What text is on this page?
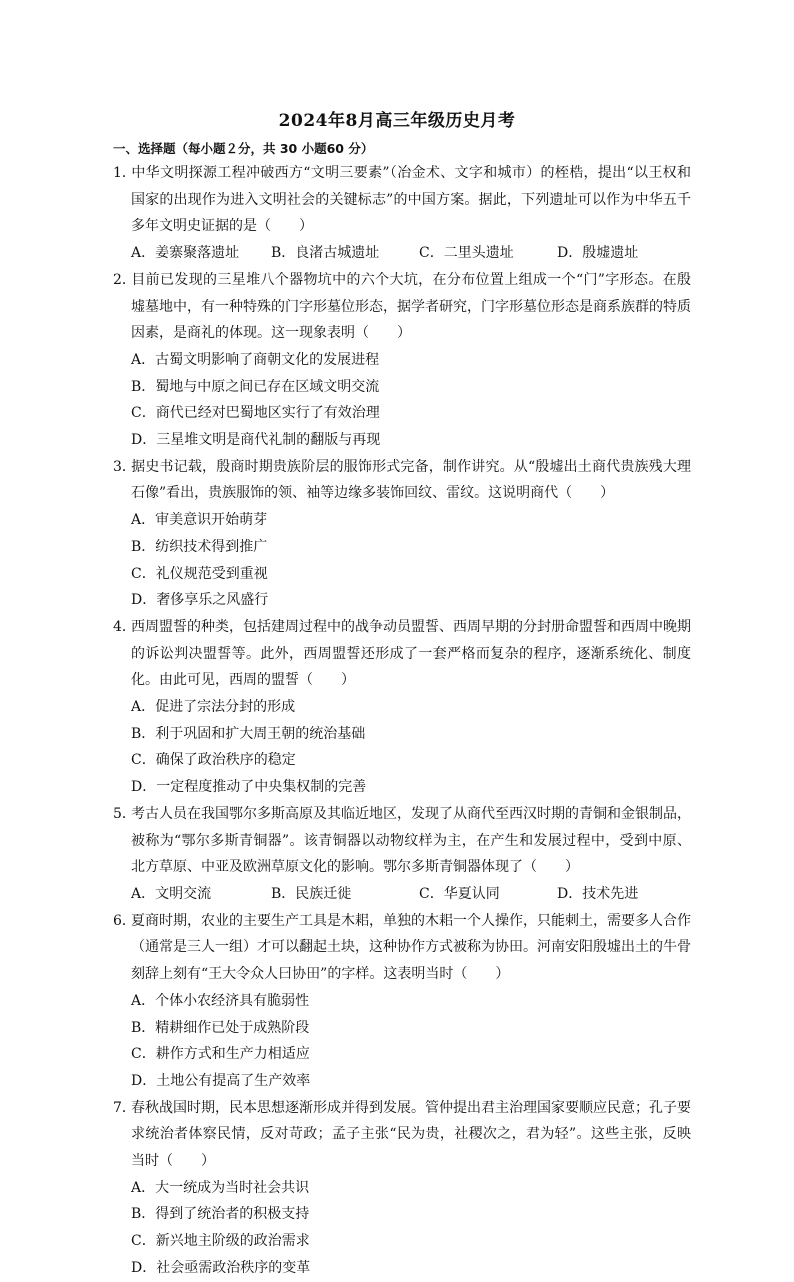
2024年8月高三年级历史月考
一、选择题（每小题２分，共 30 小题60 分）
1．中华文明探源工程冲破西方“文明三要素”（冶金术、文字和城市）的桎梏，提出“以王权和国家的出现作为进入文明社会的关键标志”的中国方案。据此，下列遗址可以作为中华五千多年文明史证据的是（　　）
A．姜寨聚落遗址	B．良渚古城遗址	C．二里头遗址	D．殷墟遗址
2．目前已发现的三星堆八个器物坑中的六个大坑，在分布位置上组成一个“门”字形态。在殷墟墓地中，有一种特殊的门字形墓位形态，据学者研究，门字形墓位形态是商系族群的特质因素，是商礼的体现。这一现象表明（　　）
A．古蜀文明影响了商朝文化的发展进程
B．蜀地与中原之间已存在区域文明交流
C．商代已经对巴蜀地区实行了有效治理
D．三星堆文明是商代礼制的翻版与再现
3．据史书记载，殷商时期贵族阶层的服饰形式完备，制作讲究。从“殷墟出土商代贵族残大理石像”看出，贵族服饰的领、袖等边缘多装饰回纹、雷纹。这说明商代（　　）
A．审美意识开始萌芽
B．纺织技术得到推广
C．礼仪规范受到重视
D．奢侈享乐之风盛行
4．西周盟誓的种类，包括建周过程中的战争动员盟誓、西周早期的分封册命盟誓和西周中晚期的诉讼判决盟誓等。此外，西周盟誓还形成了一套严格而复杂的程序，逐渐系统化、制度化。由此可见，西周的盟誓（　　）
A．促进了宗法分封的形成
B．利于巩固和扩大周王朝的统治基础
C．确保了政治秩序的稳定
D．一定程度推动了中央集权制的完善
5．考古人员在我国鄂尔多斯高原及其临近地区，发现了从商代至西汉时期的青铜和金银制品，被称为“鄂尔多斯青铜器”。该青铜器以动物纹样为主，在产生和发展过程中，受到中原、北方草原、中亚及欧洲草原文化的影响。鄂尔多斯青铜器体现了（　　）
A．文明交流	B．民族迁徙	C．华夏认同	D．技术先进
6．夏商时期，农业的主要生产工具是木耜，单独的木耜一个人操作，只能刺土，需要多人合作（通常是三人一组）才可以翻起土块，这种协作方式被称为协田。河南安阳殷墟出土的牛骨刻辞上刻有“王大令众人曰协田”的字样。这表明当时（　　）
A．个体小农经济具有脆弱性
B．精耕细作已处于成熟阶段
C．耕作方式和生产力相适应
D．土地公有提高了生产效率
7．春秋战国时期，民本思想逐渐形成并得到发展。管仲提出君主治理国家要顺应民意；孔子要求统治者体察民情，反对苛政；孟子主张“民为贵，社稷次之，君为轻”。这些主张，反映当时（　　）
A．大一统成为当时社会共识
B．得到了统治者的积极支持
C．新兴地主阶级的政治需求
D．社会亟需政治秩序的变革
